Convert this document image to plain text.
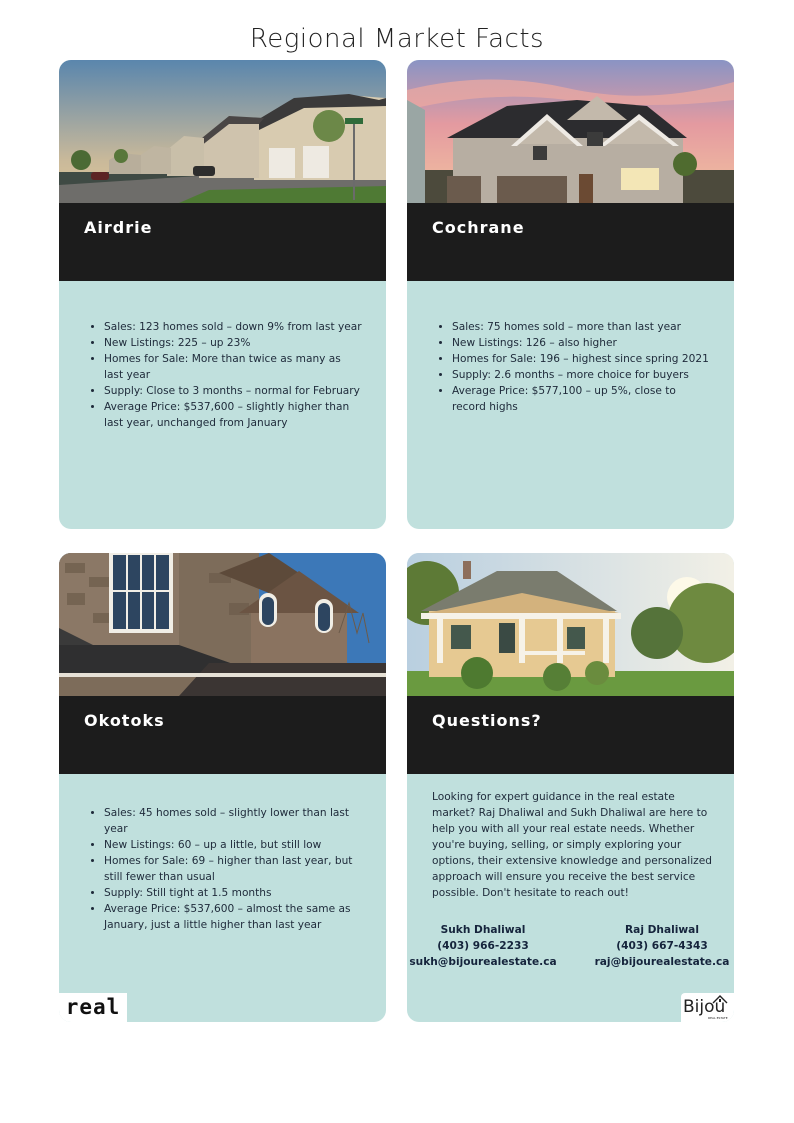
Regional Market Facts
Airdrie
• Sales: 123 homes sold – down 9% from last year
• New Listings: 225 – up 23%
• Homes for Sale: More than twice as many as last year
• Supply: Close to 3 months – normal for February
• Average Price: $537,600 – slightly higher than last year, unchanged from January
Cochrane
• Sales: 75 homes sold – more than last year
• New Listings: 126 – also higher
• Homes for Sale: 196 – highest since spring 2021
• Supply: 2.6 months – more choice for buyers
• Average Price: $577,100 – up 5%, close to record highs
Okotoks
• Sales: 45 homes sold – slightly lower than last year
• New Listings: 60 – up a little, but still low
• Homes for Sale: 69 – higher than last year, but still fewer than usual
• Supply: Still tight at 1.5 months
• Average Price: $537,600 – almost the same as January, just a little higher than last year
real
Questions?

Looking for expert guidance in the real estate market? Raj Dhaliwal and Sukh Dhaliwal are here to help you with all your real estate needs. Whether you're buying, selling, or simply exploring your options, their extensive knowledge and personalized approach will ensure you receive the best service possible. Don't hesitate to reach out!

Sukh Dhaliwal
(403) 966-2233
sukh@bijourealestate.ca
Raj Dhaliwal
(403) 667-4343
raj@bijourealestate.ca
Bijou
REAL ESTATE
